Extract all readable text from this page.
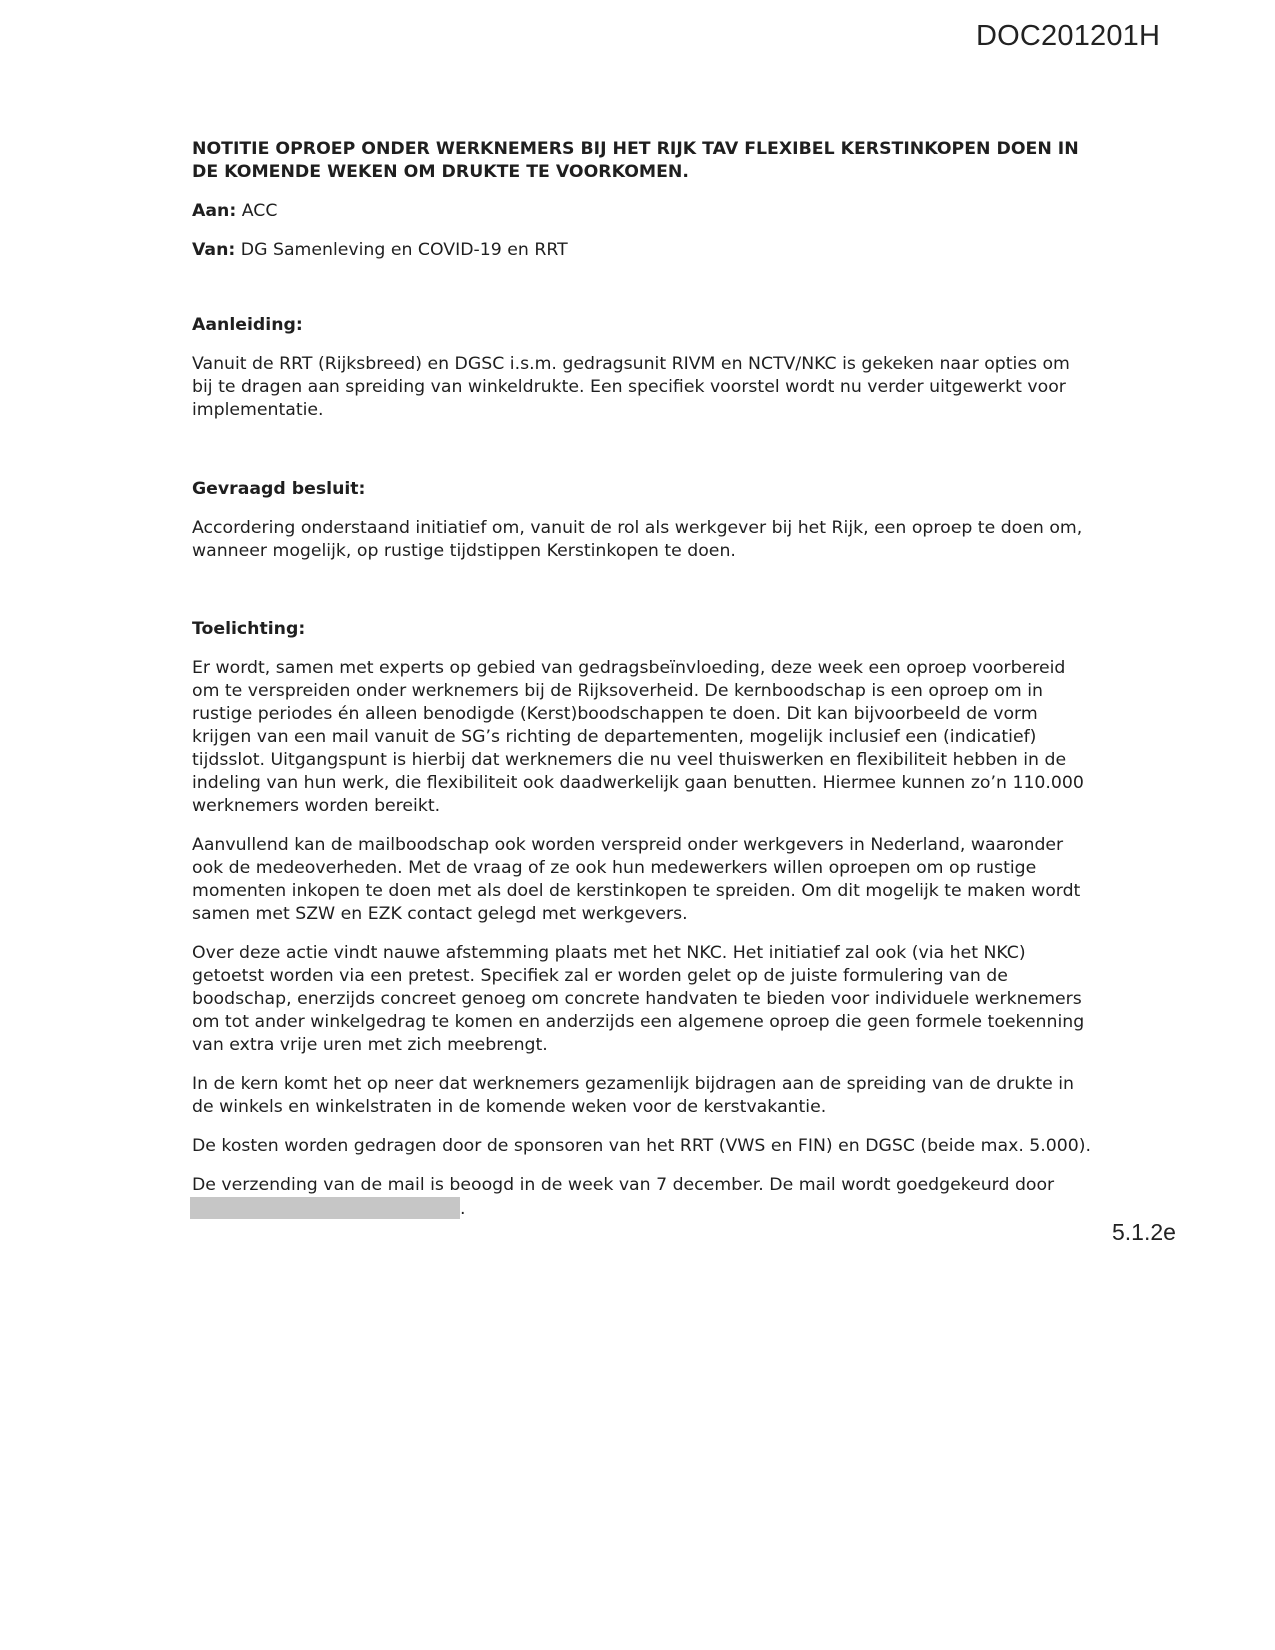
DOC201201H
NOTITIE OPROEP ONDER WERKNEMERS BIJ HET RIJK TAV FLEXIBEL KERSTINKOPEN DOEN IN DE KOMENDE WEKEN OM DRUKTE TE VOORKOMEN.
Aan: ACC
Van: DG Samenleving en COVID-19 en RRT
Aanleiding:
Vanuit de RRT (Rijksbreed) en DGSC i.s.m. gedragsunit RIVM en NCTV/NKC is gekeken naar opties om bij te dragen aan spreiding van winkeldrukte. Een specifiek voorstel wordt nu verder uitgewerkt voor implementatie.
Gevraagd besluit:
Accordering onderstaand initiatief om, vanuit de rol als werkgever bij het Rijk, een oproep te doen om, wanneer mogelijk, op rustige tijdstippen Kerstinkopen te doen.
Toelichting:
Er wordt, samen met experts op gebied van gedragsbeïnvloeding, deze week een oproep voorbereid om te verspreiden onder werknemers bij de Rijksoverheid. De kernboodschap is een oproep om in rustige periodes én alleen benodigde (Kerst)boodschappen te doen. Dit kan bijvoorbeeld de vorm krijgen van een mail vanuit de SG’s richting de departementen, mogelijk inclusief een (indicatief) tijdsslot. Uitgangspunt is hierbij dat werknemers die nu veel thuiswerken en flexibiliteit hebben in de indeling van hun werk, die flexibiliteit ook daadwerkelijk gaan benutten. Hiermee kunnen zo’n 110.000 werknemers worden bereikt.
Aanvullend kan de mailboodschap ook worden verspreid onder werkgevers in Nederland, waaronder ook de medeoverheden. Met de vraag of ze ook hun medewerkers willen oproepen om op rustige momenten inkopen te doen met als doel de kerstinkopen te spreiden. Om dit mogelijk te maken wordt samen met SZW en EZK contact gelegd met werkgevers.
Over deze actie vindt nauwe afstemming plaats met het NKC. Het initiatief zal ook (via het NKC) getoetst worden via een pretest. Specifiek zal er worden gelet op de juiste formulering van de boodschap, enerzijds concreet genoeg om concrete handvaten te bieden voor individuele werknemers om tot ander winkelgedrag te komen en anderzijds een algemene oproep die geen formele toekenning van extra vrije uren met zich meebrengt.
In de kern komt het op neer dat werknemers gezamenlijk bijdragen aan de spreiding van de drukte in de winkels en winkelstraten in de komende weken voor de kerstvakantie.
De kosten worden gedragen door de sponsoren van het RRT (VWS en FIN) en DGSC (beide max. 5.000).
De verzending van de mail is beoogd in de week van 7 december. De mail wordt goedgekeurd door
.
5.1.2e
